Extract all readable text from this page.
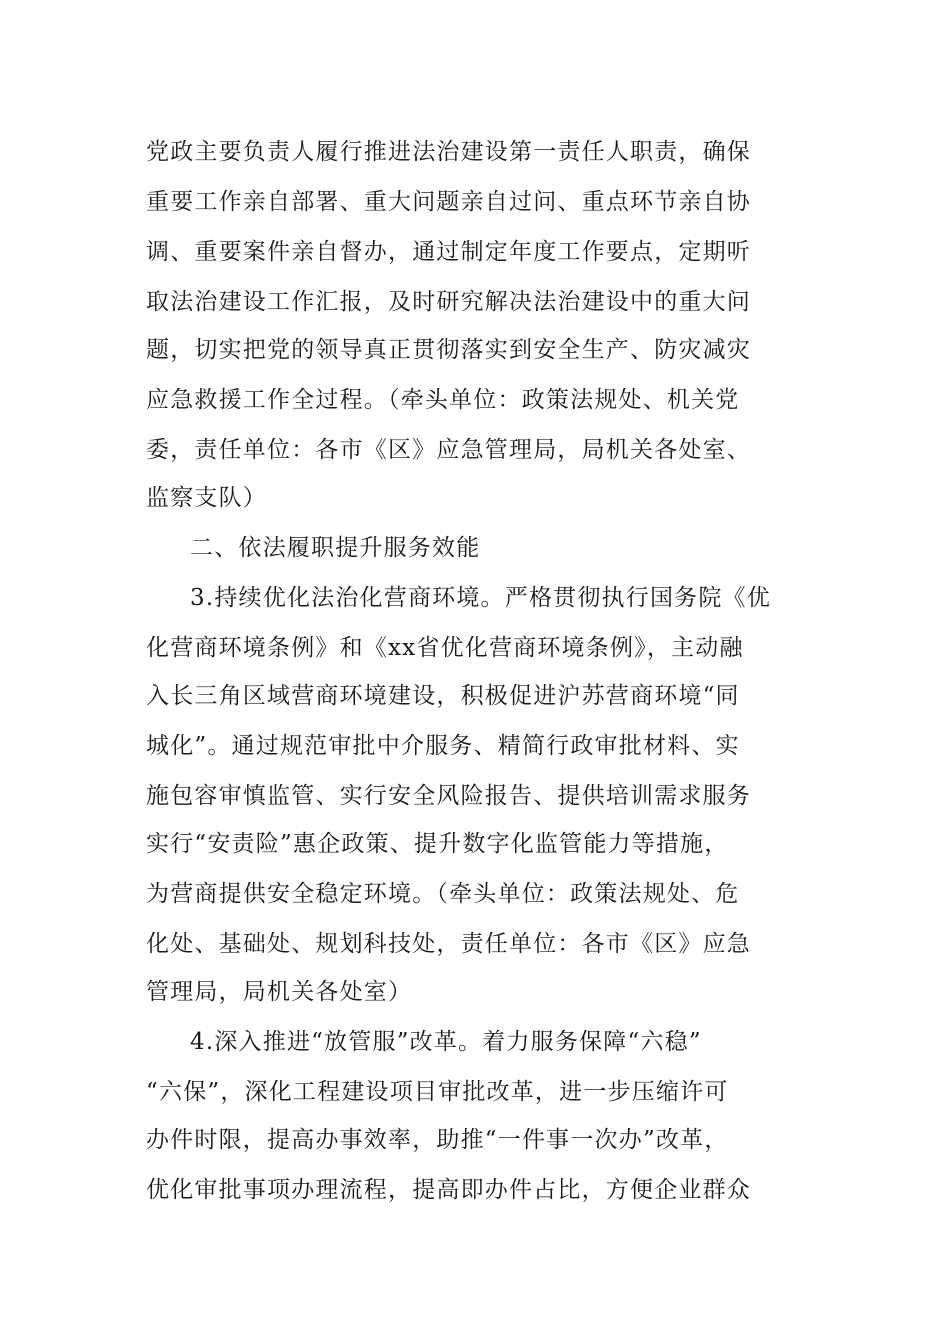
党政主要负责人履行推进法治建设第一责任人职责，确保
重要工作亲自部署、重大问题亲自过问、重点环节亲自协
调、重要案件亲自督办，通过制定年度工作要点，定期听
取法治建设工作汇报，及时研究解决法治建设中的重大问
题，切实把党的领导真正贯彻落实到安全生产、防灾减灾
应急救援工作全过程。（牵头单位：政策法规处、机关党
委，责任单位：各市《区》应急管理局，局机关各处室、
监察支队）
二、依法履职提升服务效能
3.持续优化法治化营商环境。严格贯彻执行国务院《优
化营商环境条例》和《xx省优化营商环境条例》，主动融
入长三角区域营商环境建设，积极促进沪苏营商环境“同
城化”。通过规范审批中介服务、精简行政审批材料、实
施包容审慎监管、实行安全风险报告、提供培训需求服务
实行“安责险”惠企政策、提升数字化监管能力等措施，
为营商提供安全稳定环境。（牵头单位：政策法规处、危
化处、基础处、规划科技处，责任单位：各市《区》应急
管理局，局机关各处室）
4.深入推进“放管服”改革。着力服务保障“六稳”
“六保”，深化工程建设项目审批改革，进一步压缩许可
办件时限，提高办事效率，助推“一件事一次办”改革，
优化审批事项办理流程，提高即办件占比，方便企业群众
